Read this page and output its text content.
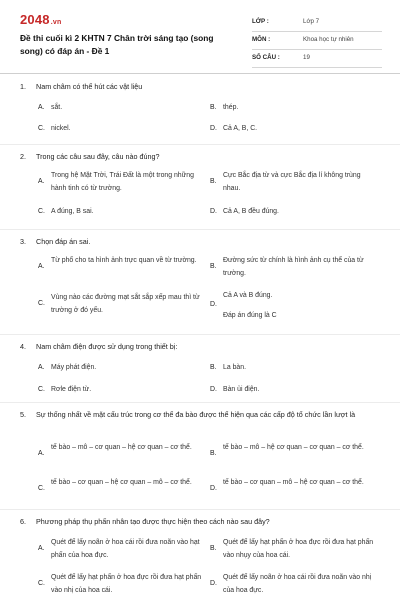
2048.vn
Đề thi cuối kì 2 KHTN 7 Chân trời sáng tạo (song song) có đáp án - Đề 1
LỚP :	Lớp 7
MÔN :	Khoa học tự nhiên
SỐ CÂU :	19
1. Nam châm có thể hút các vật liệu
A. sắt.	B. thép.
C. nickel.	D. Cả A, B, C.
2. Trong các câu sau đây, câu nào đúng?
A.
Trong hệ Mặt Trời, Trái Đất là một trong những hành tinh có từ trường.
B.
Cực Bắc địa từ và cực Bắc địa lí không trùng nhau.
C. A đúng, B sai.	D. Cả A, B đều đúng.
3. Chọn đáp án sai.
A.
Từ phổ cho ta hình ảnh trực quan về từ trường.
B.
Đường sức từ chính là hình ảnh cụ thể của từ trường.
C.
Vùng nào các đường mạt sắt sắp xếp mau thì từ trường ở đó yếu.
D.
Cả A và B đúng.
Đáp án đúng là C
4. Nam châm điện được sử dụng trong thiết bị:
A. Máy phát điện.	B. La bàn.
C. Rơle điện từ.	D. Bàn ủi điện.
5. Sự thống nhất về mặt cấu trúc trong cơ thể đa bào được thể hiện qua các cấp độ tổ chức lần lượt là
A.
tế bào – mô – cơ quan – hệ cơ quan – cơ thể.
B.
tế bào – mô – hệ cơ quan – cơ quan – cơ thể.
C.
tế bào – cơ quan – hệ cơ quan – mô – cơ thể.
D.
tế bào – cơ quan – mô – hệ cơ quan – cơ thể.
6. Phương pháp thụ phấn nhân tạo được thực hiện theo cách nào sau đây?
A.
Quét để lấy noãn ở hoa cái rồi đưa noãn vào hạt phấn của hoa đực.
B.
Quét để lấy hạt phấn ở hoa đực rồi đưa hạt phấn vào nhụy của hoa cái.
C.
Quét để lấy hạt phấn ở hoa đực rồi đưa hạt phấn vào nhị của hoa cái.
D.
Quét để lấy noãn ở hoa cái rồi đưa noãn vào nhị của hoa đực.
